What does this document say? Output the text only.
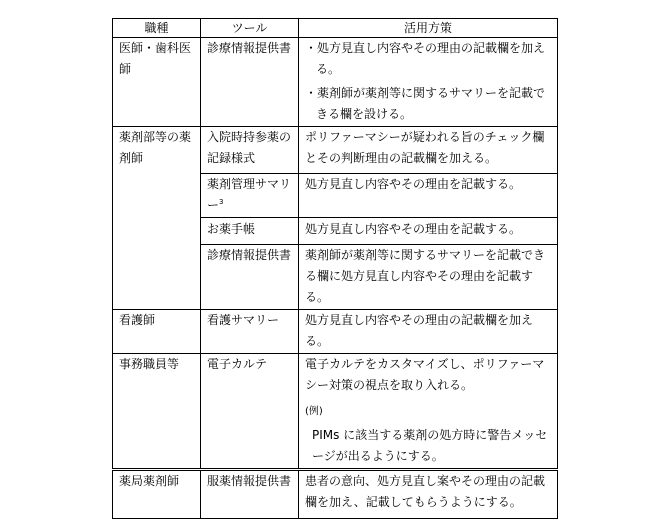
職種	ツール	活用方策
医師・歯科医師	診療情報提供書	・処方見直し内容やその理由の記載欄を加える。

・薬剤師が薬剤等に関するサマリーを記載できる欄を設ける。

薬剤部等の薬剤師	入院時持参薬の記録様式	ポリファーマシーが疑われる旨のチェック欄とその判断理由の記載欄を加える。
	薬剤管理サマリー$^3$	処方見直し内容やその理由を記載する。
	お薬手帳	処方見直し内容やその理由を記載する。
	診療情報提供書	薬剤師が薬剤等に関するサマリーを記載できる欄に処方見直し内容やその理由を記載する。
看護師	看護サマリー	処方見直し内容やその理由の記載欄を加える。
事務職員等	電子カルテ	電子カルテをカスタマイズし、ポリファーマシー対策の視点を取り入れる。

(例)

PIMs に該当する薬剤の処方時に警告メッセージが出るようにする。

薬局薬剤師	服薬情報提供書	患者の意向、処方見直し案やその理由の記載欄を加え、記載してもらうようにする。
